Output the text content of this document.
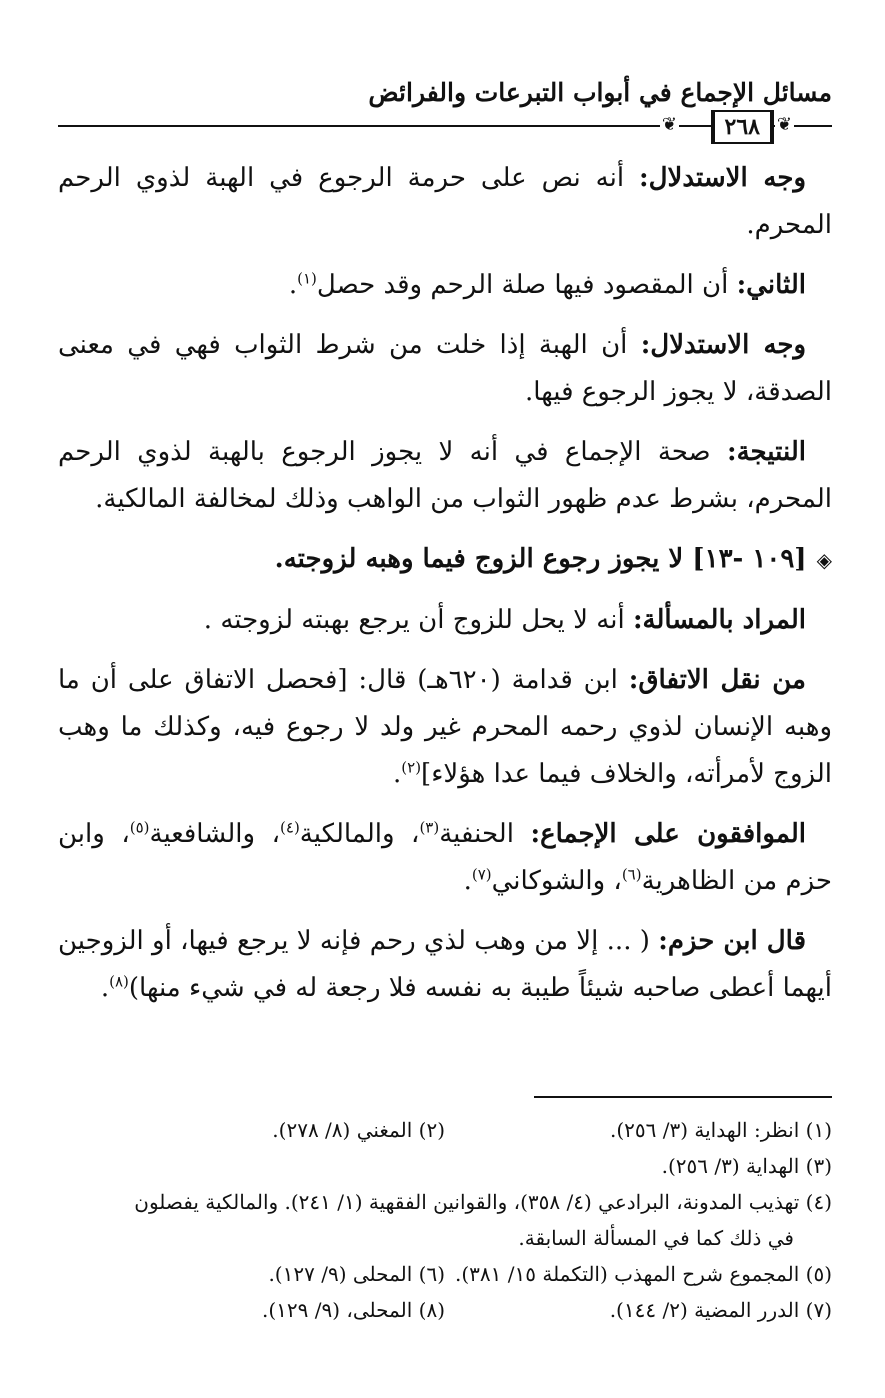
مسائل الإجماع في أبواب التبرعات والفرائض
❦
٢٦٨
❦

وجه الاستدلال: أنه نص على حرمة الرجوع في الهبة لذوي الرحم المحرم.

الثاني: أن المقصود فيها صلة الرحم وقد حصل$^{(١)}$.

وجه الاستدلال: أن الهبة إذا خلت من شرط الثواب فهي في معنى الصدقة، لا يجوز الرجوع فيها.

النتيجة: صحة الإجماع في أنه لا يجوز الرجوع بالهبة لذوي الرحم المحرم، بشرط عدم ظهور الثواب من الواهب وذلك لمخالفة المالكية.

◈[١٠٩ -١٣] لا يجوز رجوع الزوج فيما وهبه لزوجته.

المراد بالمسألة: أنه لا يحل للزوج أن يرجع بهبته لزوجته .

من نقل الاتفاق: ابن قدامة (٦٢٠هـ) قال: [فحصل الاتفاق على أن ما وهبه الإنسان لذوي رحمه المحرم غير ولد لا رجوع فيه، وكذلك ما وهب الزوج لأمرأته، والخلاف فيما عدا هؤلاء]$^{(٢)}$.

الموافقون على الإجماع: الحنفية$^{(٣)}$، والمالكية$^{(٤)}$، والشافعية$^{(٥)}$، وابن حزم من الظاهرية$^{(٦)}$، والشوكاني$^{(٧)}$.

قال ابن حزم: ( ... إلا من وهب لذي رحم فإنه لا يرجع فيها، أو الزوجين أيهما أعطى صاحبه شيئاً طيبة به نفسه فلا رجعة له في شيء منها)$^{(٨)}$.

(١) انظر: الهداية (٣/ ٢٥٦).
(٢) المغني (٨/ ٢٧٨).
(٣) الهداية (٣/ ٢٥٦).
(٤) تهذيب المدونة، البرادعي (٤/ ٣٥٨)، والقوانين الفقهية (١/ ٢٤١). والمالكية يفصلون
في ذلك كما في المسألة السابقة.
(٥) المجموع شرح المهذب (التكملة ١٥/ ٣٨١).
(٦) المحلى (٩/ ١٢٧).
(٧) الدرر المضية (٢/ ١٤٤).
(٨) المحلى، (٩/ ١٢٩).
